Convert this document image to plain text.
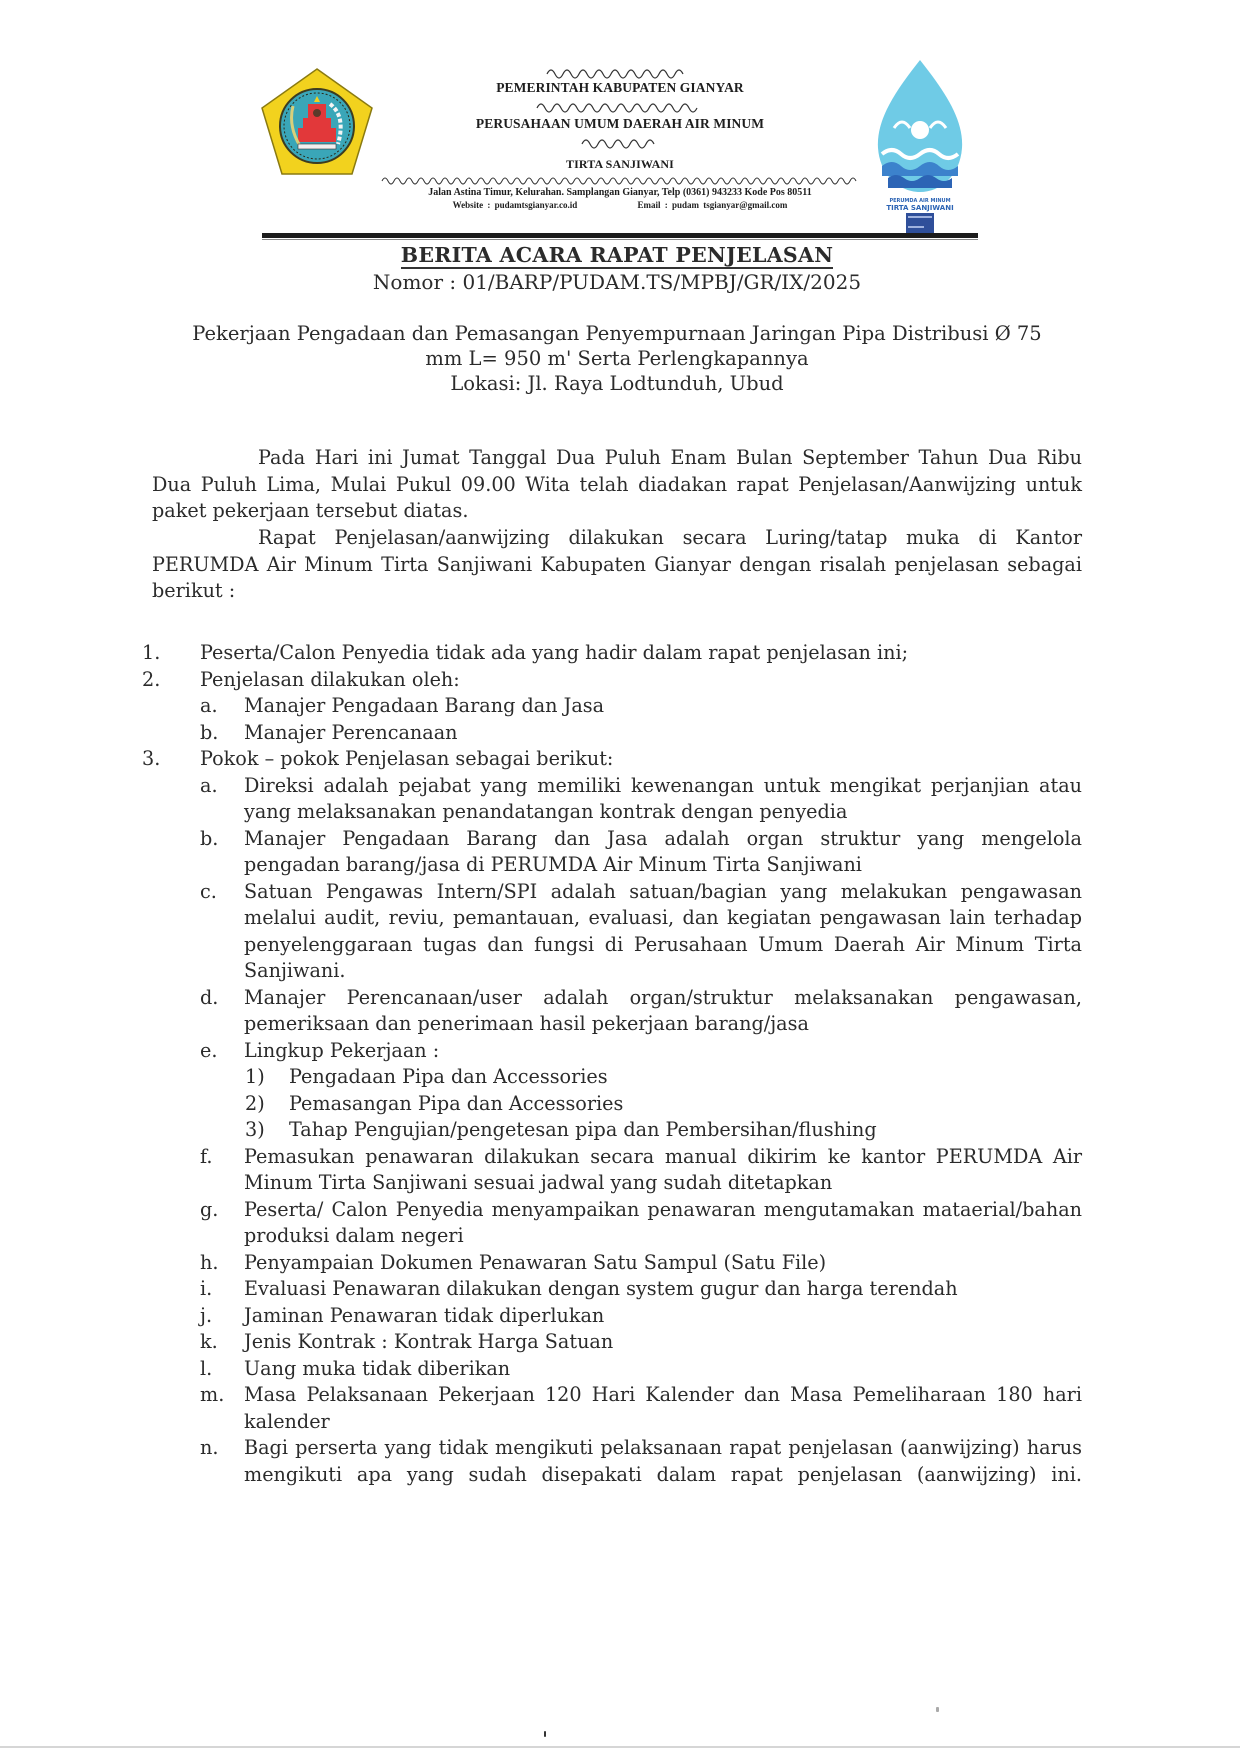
PEMERINTAH KABUPATEN GIANYAR
PERUSAHAAN UMUM DAERAH AIR MINUM
TIRTA SANJIWANI
Jalan Astina Timur, Kelurahan. Samplangan Gianyar, Telp (0361) 943233 Kode Pos 80511
Website : pudamtsgianyar.co.id	Email : pudam tsgianyar@gmail.com	PERUMDA AIR MINUM
TIRTA SANJIWANI
BERITA ACARA RAPAT PENJELASAN
Nomor : 01/BARP/PUDAM.TS/MPBJ/GR/IX/2025
Pekerjaan Pengadaan dan Pemasangan Penyempurnaan Jaringan Pipa Distribusi Ø 75
mm L= 950 m' Serta Perlengkapannya
Lokasi: Jl. Raya Lodtunduh, Ubud
Pada Hari ini Jumat Tanggal Dua Puluh Enam Bulan September Tahun Dua Ribu Dua Puluh Lima, Mulai Pukul 09.00 Wita telah diadakan rapat Penjelasan/Aanwijzing untuk paket pekerjaan tersebut diatas.
Rapat Penjelasan/aanwijzing dilakukan secara Luring/tatap muka di Kantor PERUMDA Air Minum Tirta Sanjiwani Kabupaten Gianyar dengan risalah penjelasan sebagai berikut :
1. Peserta/Calon Penyedia tidak ada yang hadir dalam rapat penjelasan ini;
2. Penjelasan dilakukan oleh:
a. Manajer Pengadaan Barang dan Jasa
b. Manajer Perencanaan
3. Pokok – pokok Penjelasan sebagai berikut:
a. Direksi adalah pejabat yang memiliki kewenangan untuk mengikat perjanjian atau yang melaksanakan penandatangan kontrak dengan penyedia
b. Manajer Pengadaan Barang dan Jasa adalah organ struktur yang mengelola pengadan barang/jasa di PERUMDA Air Minum Tirta Sanjiwani
c. Satuan Pengawas Intern/SPI adalah satuan/bagian yang melakukan pengawasan melalui audit, reviu, pemantauan, evaluasi, dan kegiatan pengawasan lain terhadap penyelenggaraan tugas dan fungsi di Perusahaan Umum Daerah Air Minum Tirta Sanjiwani.
d. Manajer Perencanaan/user adalah organ/struktur melaksanakan pengawasan, pemeriksaan dan penerimaan hasil pekerjaan barang/jasa
e. Lingkup Pekerjaan :
1) Pengadaan Pipa dan Accessories
2) Pemasangan Pipa dan Accessories
3) Tahap Pengujian/pengetesan pipa dan Pembersihan/flushing
f. Pemasukan penawaran dilakukan secara manual dikirim ke kantor PERUMDA Air Minum Tirta Sanjiwani sesuai jadwal yang sudah ditetapkan
g. Peserta/ Calon Penyedia menyampaikan penawaran mengutamakan mataerial/bahan produksi dalam negeri
h. Penyampaian Dokumen Penawaran Satu Sampul (Satu File)
i. Evaluasi Penawaran dilakukan dengan system gugur dan harga terendah
j. Jaminan Penawaran tidak diperlukan
k. Jenis Kontrak : Kontrak Harga Satuan
l. Uang muka tidak diberikan
m. Masa Pelaksanaan Pekerjaan 120 Hari Kalender dan Masa Pemeliharaan 180 hari kalender
n. Bagi perserta yang tidak mengikuti pelaksanaan rapat penjelasan (aanwijzing) harus mengikuti apa yang sudah disepakati dalam rapat penjelasan (aanwijzing) ini.
